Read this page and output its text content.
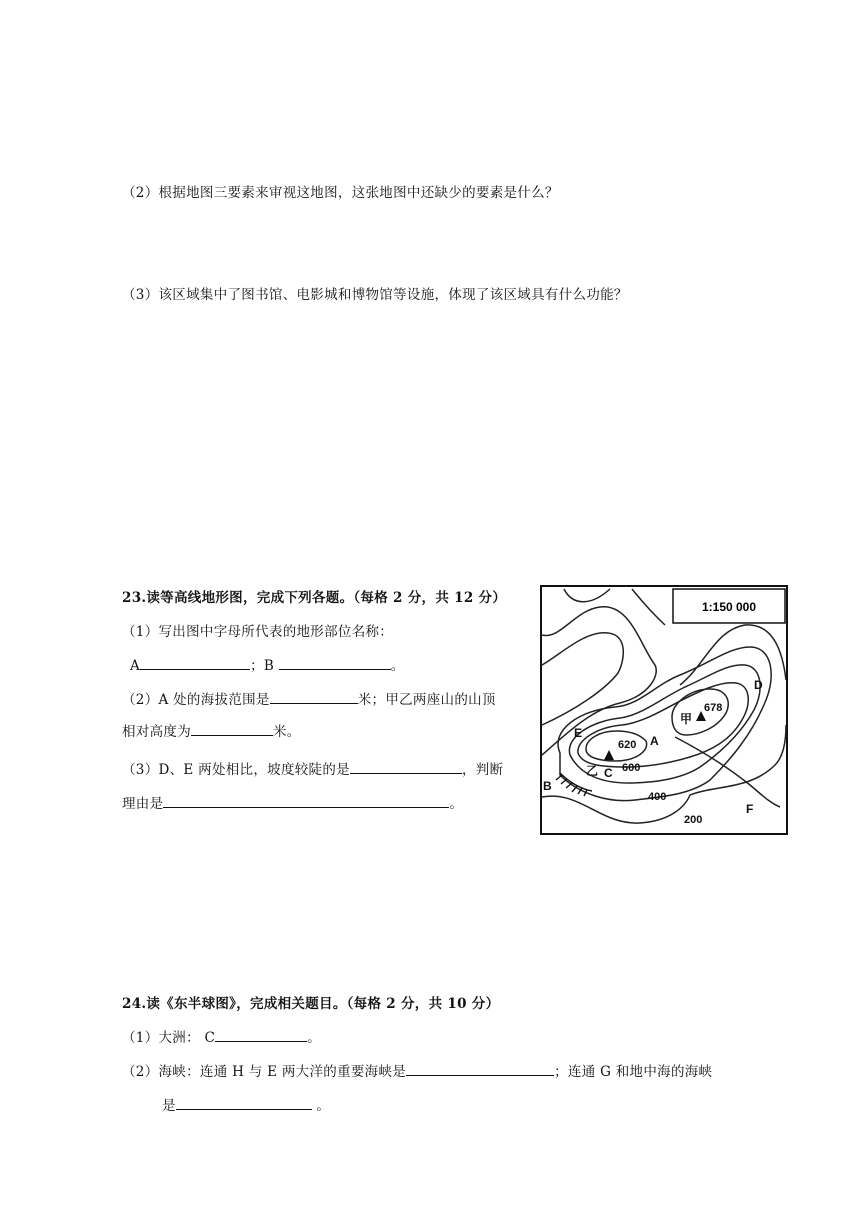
（2）根据地图三要素来审视这地图，这张地图中还缺少的要素是什么？
（3）该区域集中了图书馆、电影城和博物馆等设施，体现了该区域具有什么功能？
23.读等高线地形图，完成下列各题。（每格 2 分，共 12 分）
（1）写出图中字母所代表的地形部位名称：
A	；B	。
（2）A 处的海拔范围是	米；甲乙两座山的山顶
相对高度为	米。
（3）D、E 两处相比，坡度较陡的是	，判断
理由是	。
1:150 000
620
600
C
乙
甲
678
A
D
E
B
F
400
200
24.读《东半球图》，完成相关题目。（每格 2 分，共 10 分）
（1）大洲： C	。
（2）海峡：连通 H 与 E 两大洋的重要海峡是	；连通 G 和地中海的海峡
是	。
